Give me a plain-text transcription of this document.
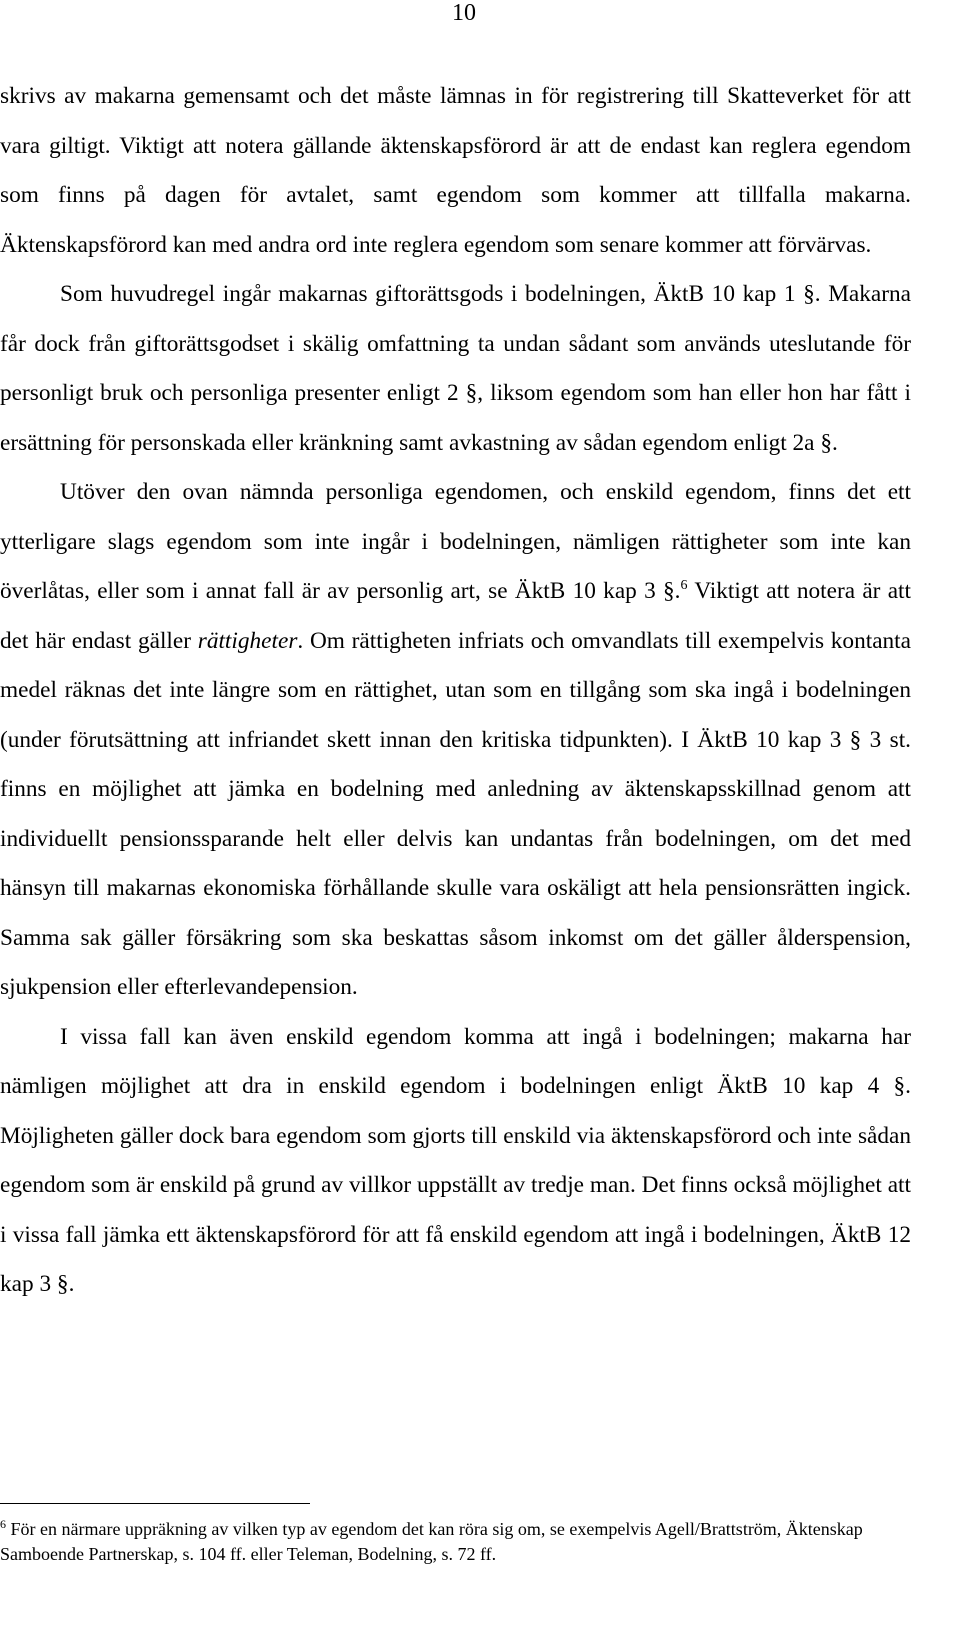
10

skrivs av makarna gemensamt och det måste lämnas in för registrering till Skatteverket för att vara giltigt. Viktigt att notera gällande äktenskapsförord är att de endast kan reglera egendom som finns på dagen för avtalet, samt egendom som kommer att tillfalla makarna. Äktenskapsförord kan med andra ord inte reglera egendom som senare kommer att förvärvas.

Som huvudregel ingår makarnas giftorättsgods i bodelningen, ÄktB 10 kap 1 §. Makarna får dock från giftorättsgodset i skälig omfattning ta undan sådant som används uteslutande för personligt bruk och personliga presenter enligt 2 §, liksom egendom som han eller hon har fått i ersättning för personskada eller kränkning samt avkastning av sådan egendom enligt 2a §.

Utöver den ovan nämnda personliga egendomen, och enskild egendom, finns det ett ytterligare slags egendom som inte ingår i bodelningen, nämligen rättigheter som inte kan överlåtas, eller som i annat fall är av personlig art, se ÄktB 10 kap 3 §.$^6$ Viktigt att notera är att det här endast gäller rättigheter. Om rättigheten infriats och omvandlats till exempelvis kontanta medel räknas det inte längre som en rättighet, utan som en tillgång som ska ingå i bodelningen (under förutsättning att infriandet skett innan den kritiska tidpunkten). I ÄktB 10 kap 3 § 3 st. finns en möjlighet att jämka en bodelning med anledning av äktenskapsskillnad genom att individuellt pensionssparande helt eller delvis kan undantas från bodelningen, om det med hänsyn till makarnas ekonomiska förhållande skulle vara oskäligt att hela pensionsrätten ingick. Samma sak gäller försäkring som ska beskattas såsom inkomst om det gäller ålderspension, sjukpension eller efterlevandepension.

I vissa fall kan även enskild egendom komma att ingå i bodelningen; makarna har nämligen möjlighet att dra in enskild egendom i bodelningen enligt ÄktB 10 kap 4 §. Möjligheten gäller dock bara egendom som gjorts till enskild via äktenskapsförord och inte sådan egendom som är enskild på grund av villkor uppställt av tredje man. Det finns också möjlighet att i vissa fall jämka ett äktenskapsförord för att få enskild egendom att ingå i bodelningen, ÄktB 12 kap 3 §.

$^6$ För en närmare uppräkning av vilken typ av egendom det kan röra sig om, se exempelvis Agell/Brattström, Äktenskap Samboende Partnerskap, s. 104 ff. eller Teleman, Bodelning, s. 72 ff.
